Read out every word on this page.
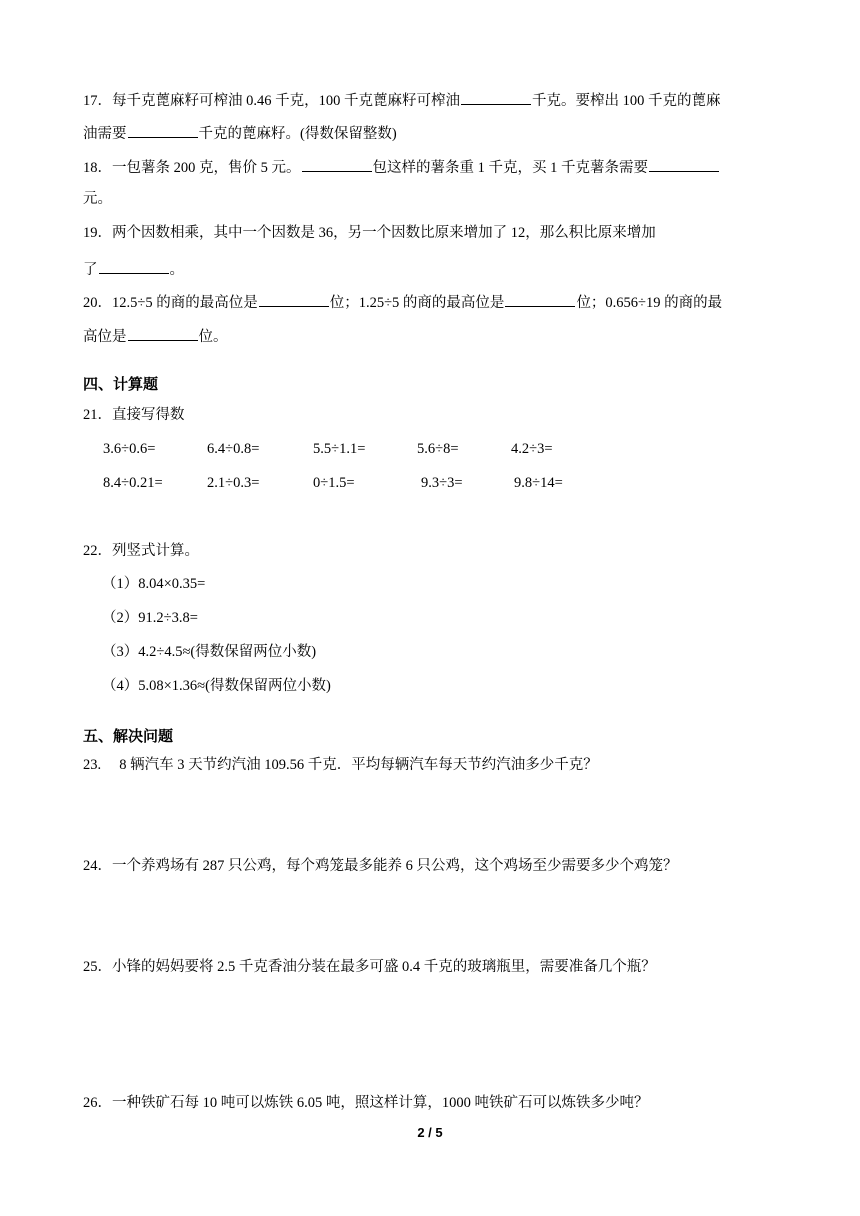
17．每千克蓖麻籽可榨油 0.46 千克，100 千克蓖麻籽可榨油	千克。要榨出 100 千克的蓖麻
油需要	千克的蓖麻籽。(得数保留整数)
18．一包薯条 200 克，售价 5 元。	包这样的薯条重 1 千克，买 1 千克薯条需要
元。
19．两个因数相乘，其中一个因数是 36，另一个因数比原来增加了 12，那么积比原来增加
了	。
20．12.5÷5 的商的最高位是	位；1.25÷5 的商的最高位是	位；0.656÷19 的商的最
高位是	位。
四、计算题
21．直接写得数
3.6÷0.6=	6.4÷0.8=	5.5÷1.1=	5.6÷8=	4.2÷3=
8.4÷0.21=	2.1÷0.3=	0÷1.5=	9.3÷3=	9.8÷14=
22．列竖式计算。
（1）8.04×0.35=
（2）91.2÷3.8=
（3）4.2÷4.5≈(得数保留两位小数)
（4）5.08×1.36≈(得数保留两位小数)
五、解决问题
23.　 8 辆汽车 3 天节约汽油 109.56 千克．平均每辆汽车每天节约汽油多少千克？
24．一个养鸡场有 287 只公鸡，每个鸡笼最多能养 6 只公鸡，这个鸡场至少需要多少个鸡笼？
25．小锋的妈妈要将 2.5 千克香油分装在最多可盛 0.4 千克的玻璃瓶里，需要准备几个瓶？
26．一种铁矿石每 10 吨可以炼铁 6.05 吨，照这样计算，1000 吨铁矿石可以炼铁多少吨？
2 / 5
